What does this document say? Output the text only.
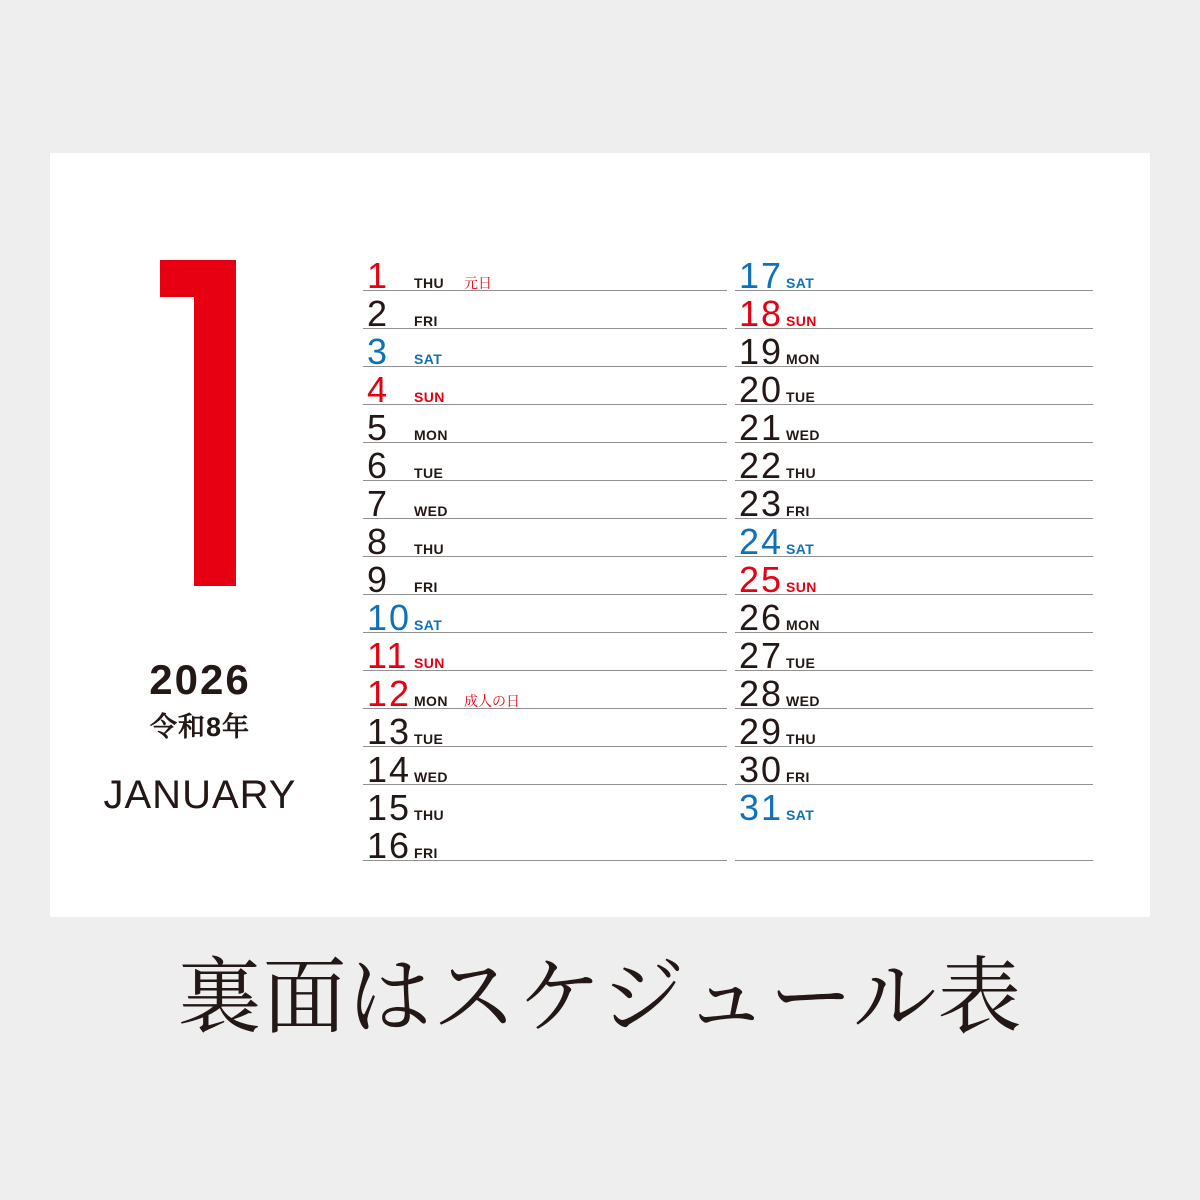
2026
令和8年
JANUARY
1 THU 元日
2 FRI
3 SAT
4 SUN
5 MON
6 TUE
7 WED
8 THU
9 FRI
10 SAT
11 SUN
12 MON 成人の日
13 TUE
14 WED
15 THU
16 FRI
17 SAT
18 SUN
19 MON
20 TUE
21 WED
22 THU
23 FRI
24 SAT
25 SUN
26 MON
27 TUE
28 WED
29 THU
30 FRI
31 SAT
裏面はスケジュール表
